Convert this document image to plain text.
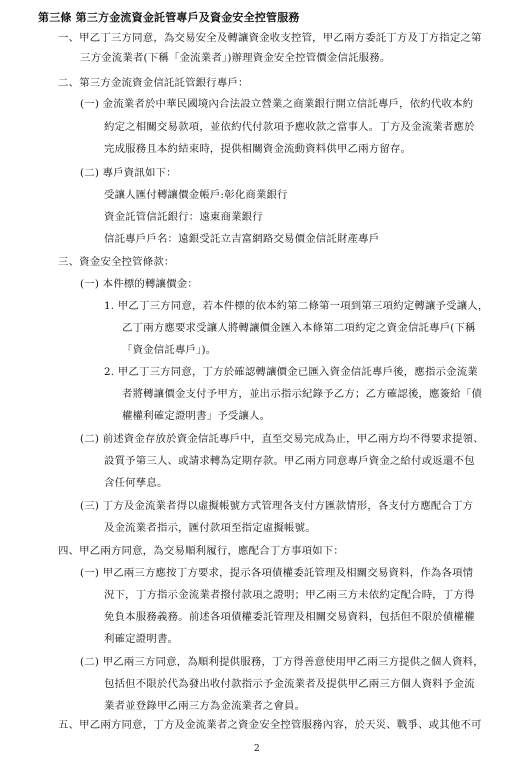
第三條 第三方金流資金託管專戶及資金安全控管服務
一、甲乙丁三方同意，為交易安全及轉讓資金收支控管，甲乙兩方委託丁方及丁方指定之第
三方金流業者(下稱「金流業者」)辦理資金安全控管價金信託服務。
二、第三方金流資金信託託管銀行專戶：
(一) 金流業者於中華民國境內合法設立營業之商業銀行開立信託專戶，依約代收本約
約定之相關交易款項，並依約代付款項予應收款之當事人。丁方及金流業者應於
完成服務且本約結束時，提供相關資金流動資料供甲乙兩方留存。
(二) 專戶資訊如下：
受讓人匯付轉讓價金帳戶:彰化商業銀行
資金託管信託銀行：遠東商業銀行
信託專戶戶名：遠銀受託立吉富網路交易價金信託財產專戶
三、資金安全控管條款：
(一) 本件標的轉讓價金：
1. 甲乙丁三方同意，若本件標的依本約第二條第一項到第三項約定轉讓予受讓人，
乙丁兩方應要求受讓人將轉讓價金匯入本條第二項約定之資金信託專戶(下稱
「資金信託專戶」)。
2. 甲乙丁三方同意，丁方於確認轉讓價金已匯入資金信託專戶後，應指示金流業
者將轉讓價金支付予甲方，並出示指示紀錄予乙方；乙方確認後，應簽給「債
權權利確定證明書」予受讓人。
(二) 前述資金存放於資金信託專戶中，直至交易完成為止，甲乙兩方均不得要求提領、
設質予第三人、或請求轉為定期存款。甲乙兩方同意專戶資金之給付或返還不包
含任何孳息。
(三) 丁方及金流業者得以虛擬帳號方式管理各支付方匯款情形，各支付方應配合丁方
及金流業者指示，匯付款項至指定虛擬帳號。
四、甲乙兩方同意，為交易順利履行，應配合丁方事項如下：
(一) 甲乙兩三方應按丁方要求，提示各項債權委託管理及相關交易資料，作為各項情
況下，丁方指示金流業者撥付款項之證明；甲乙兩三方未依約定配合時，丁方得
免負本服務義務。前述各項債權委託管理及相關交易資料，包括但不限於債權權
利確定證明書。
(二) 甲乙兩三方同意，為順利提供服務，丁方得善意使用甲乙兩三方提供之個人資料，
包括但不限於代為發出收付款指示予金流業者及提供甲乙兩三方個人資料予金流
業者並登錄甲乙兩三方為金流業者之會員。
五、甲乙兩方同意，丁方及金流業者之資金安全控管服務內容，於天災、戰爭、或其他不可
2
